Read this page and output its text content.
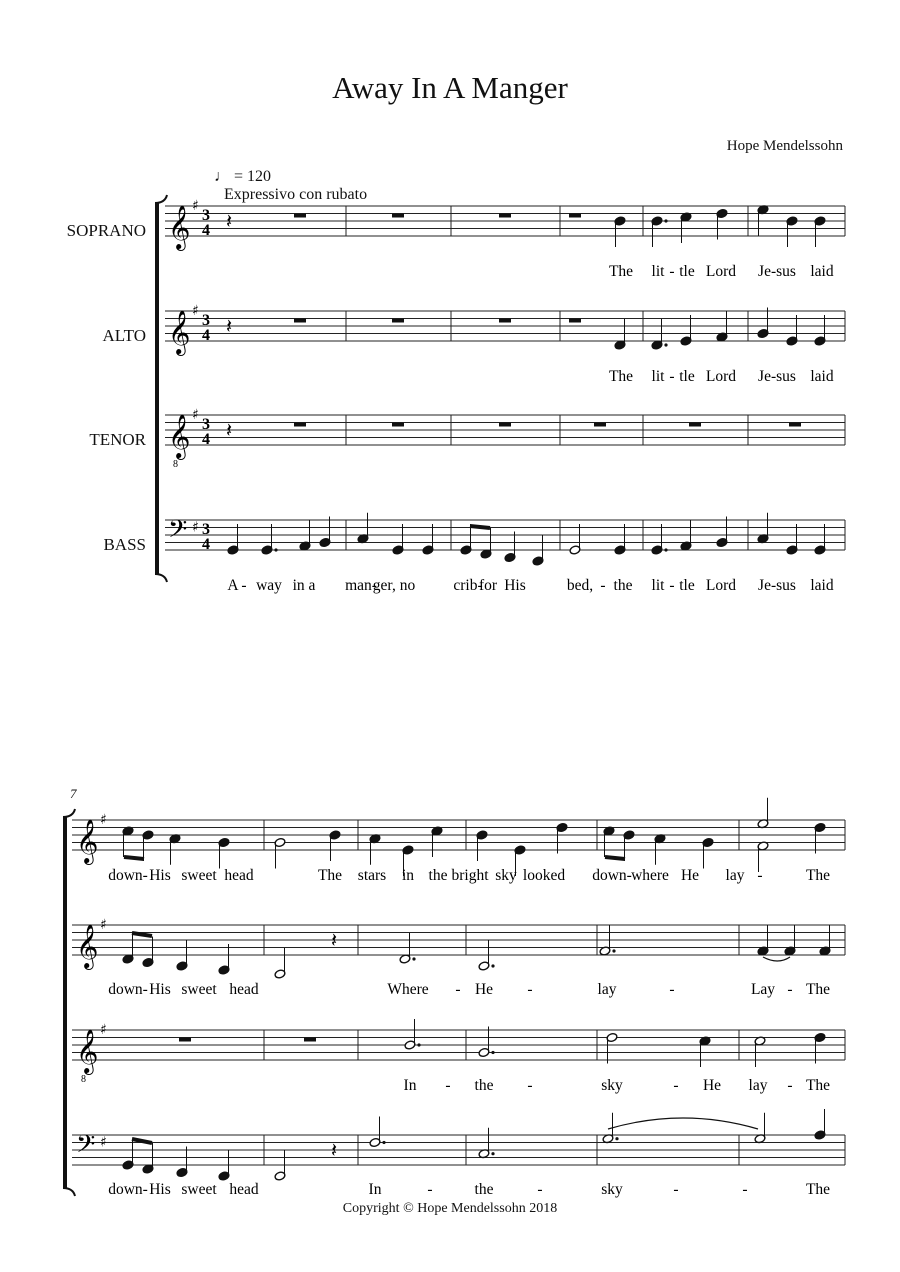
Away In A Manger
Hope Mendelssohn
♩ = 120
Expressivo con rubato
SOPRANO
ALTO
TENOR
BASS
7
Copyright © Hope Mendelssohn 2018
𝄞 ♯
3
4
𝄞 ♯
3
4
𝄞
8
♯
3
4
𝄢 ♯ 3
4
𝄞 ♯
𝄞 ♯
𝄞
8
♯
𝄢 ♯
𝄽
𝄽
𝄽
𝄽
𝄽
The lit - tle Lord Je-sus laid
The lit - tle Lord Je-sus laid
A - way in a man-
ger, no crib-
for His	bed, - the lit - tle Lord Je-sus laid
down- His sweet head	The stars in the bright sky looked down- where He lay -	The
down- His sweet head	Where - He -	lay	-	Lay - The
In - the -	sky	- He lay - The
down- His sweet head	In	-	the	-	sky	-	-	The
